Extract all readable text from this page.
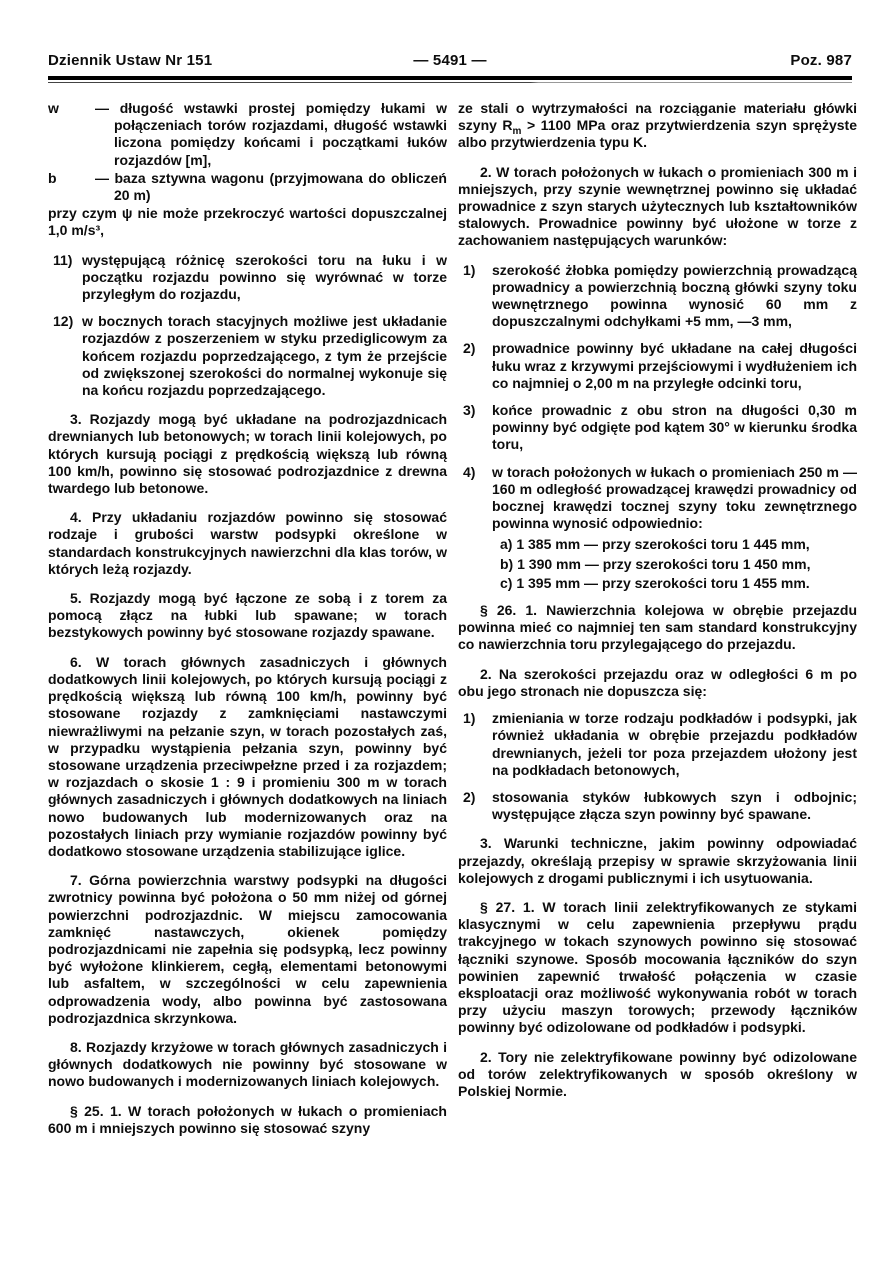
Dziennik Ustaw Nr 151	— 5491 —	Poz. 987
w	— długość wstawki prostej pomiędzy łukami w połączeniach torów rozjazdami, długość wstawki liczona pomiędzy końcami i początkami łuków rozjazdów [m],
b	— baza sztywna wagonu (przyjmowana do obliczeń 20 m)

przy czym ψ nie może przekroczyć wartości dopuszczalnej 1,0 m/s³,

11) występującą różnicę szerokości toru na łuku i w początku rozjazdu powinno się wyrównać w torze przyległym do rozjazdu,
12) w bocznych torach stacyjnych możliwe jest układanie rozjazdów z poszerzeniem w styku przediglicowym za końcem rozjazdu poprzedzającego, z tym że przejście od zwiększonej szerokości do normalnej wykonuje się na końcu rozjazdu poprzedzającego.

3. Rozjazdy mogą być układane na podrozjazdnicach drewnianych lub betonowych; w torach linii kolejowych, po których kursują pociągi z prędkością większą lub równą 100 km/h, powinno się stosować podrozjazdnice z drewna twardego lub betonowe.

4. Przy układaniu rozjazdów powinno się stosować rodzaje i grubości warstw podsypki określone w standardach konstrukcyjnych nawierzchni dla klas torów, w których leżą rozjazdy.

5. Rozjazdy mogą być łączone ze sobą i z torem za pomocą złącz na łubki lub spawane; w torach bezstykowych powinny być stosowane rozjazdy spawane.

6. W torach głównych zasadniczych i głównych dodatkowych linii kolejowych, po których kursują pociągi z prędkością większą lub równą 100 km/h, powinny być stosowane rozjazdy z zamknięciami nastawczymi niewrażliwymi na pełzanie szyn, w torach pozostałych zaś, w przypadku wystąpienia pełzania szyn, powinny być stosowane urządzenia przeciwpełzne przed i za rozjazdem; w rozjazdach o skosie 1 : 9 i promieniu 300 m w torach głównych zasadniczych i głównych dodatkowych na liniach nowo budowanych lub modernizowanych oraz na pozostałych liniach przy wymianie rozjazdów powinny być dodatkowo stosowane urządzenia stabilizujące iglice.

7. Górna powierzchnia warstwy podsypki na długości zwrotnicy powinna być położona o 50 mm niżej od górnej powierzchni podrozjazdnic. W miejscu zamocowania zamknięć nastawczych, okienek pomiędzy podrozjazdnicami nie zapełnia się podsypką, lecz powinny być wyłożone klinkierem, cegłą, elementami betonowymi lub asfaltem, w szczególności w celu zapewnienia odprowadzenia wody, albo powinna być zastosowana podrozjazdnica skrzynkowa.

8. Rozjazdy krzyżowe w torach głównych zasadniczych i głównych dodatkowych nie powinny być stosowane w nowo budowanych i modernizowanych liniach kolejowych.

§ 25. 1. W torach położonych w łukach o promieniach 600 m i mniejszych powinno się stosować szyny

ze stali o wytrzymałości na rozciąganie materiału główki szyny $R_m > 1100$ MPa oraz przytwierdzenia szyn sprężyste albo przytwierdzenia typu K.

2. W torach położonych w łukach o promieniach 300 m i mniejszych, przy szynie wewnętrznej powinno się układać prowadnice z szyn starych użytecznych lub kształtowników stalowych. Prowadnice powinny być ułożone w torze z zachowaniem następujących warunków:

1)	szerokość żłobka pomiędzy powierzchnią prowadzącą prowadnicy a powierzchnią boczną główki szyny toku wewnętrznego powinna wynosić 60 mm z dopuszczalnymi odchyłkami +5 mm, —3 mm,
2)	prowadnice powinny być układane na całej długości łuku wraz z krzywymi przejściowymi i wydłużeniem ich co najmniej o 2,00 m na przyległe odcinki toru,
3)	końce prowadnic z obu stron na długości 0,30 m powinny być odgięte pod kątem 30° w kierunku środka toru,
4)	w torach położonych w łukach o promieniach 250 m — 160 m odległość prowadzącej krawędzi prowadnicy od bocznej krawędzi tocznej szyny toku zewnętrznego powinna wynosić odpowiednio:
a) 1 385 mm — przy szerokości toru 1 445 mm,
b) 1 390 mm — przy szerokości toru 1 450 mm,
c) 1 395 mm — przy szerokości toru 1 455 mm.

§ 26. 1. Nawierzchnia kolejowa w obrębie przejazdu powinna mieć co najmniej ten sam standard konstrukcyjny co nawierzchnia toru przylegającego do przejazdu.

2. Na szerokości przejazdu oraz w odległości 6 m po obu jego stronach nie dopuszcza się:

1)	zmieniania w torze rodzaju podkładów i podsypki, jak również układania w obrębie przejazdu podkładów drewnianych, jeżeli tor poza przejazdem ułożony jest na podkładach betonowych,
2)	stosowania styków łubkowych szyn i odbojnic; występujące złącza szyn powinny być spawane.

3. Warunki techniczne, jakim powinny odpowiadać przejazdy, określają przepisy w sprawie skrzyżowania linii kolejowych z drogami publicznymi i ich usytuowania.

§ 27. 1. W torach linii zelektryfikowanych ze stykami klasycznymi w celu zapewnienia przepływu prądu trakcyjnego w tokach szynowych powinno się stosować łączniki szynowe. Sposób mocowania łączników do szyn powinien zapewnić trwałość połączenia w czasie eksploatacji oraz możliwość wykonywania robót w torach przy użyciu maszyn torowych; przewody łączników powinny być odizolowane od podkładów i podsypki.

2. Tory nie zelektryfikowane powinny być odizolowane od torów zelektryfikowanych w sposób określony w Polskiej Normie.
